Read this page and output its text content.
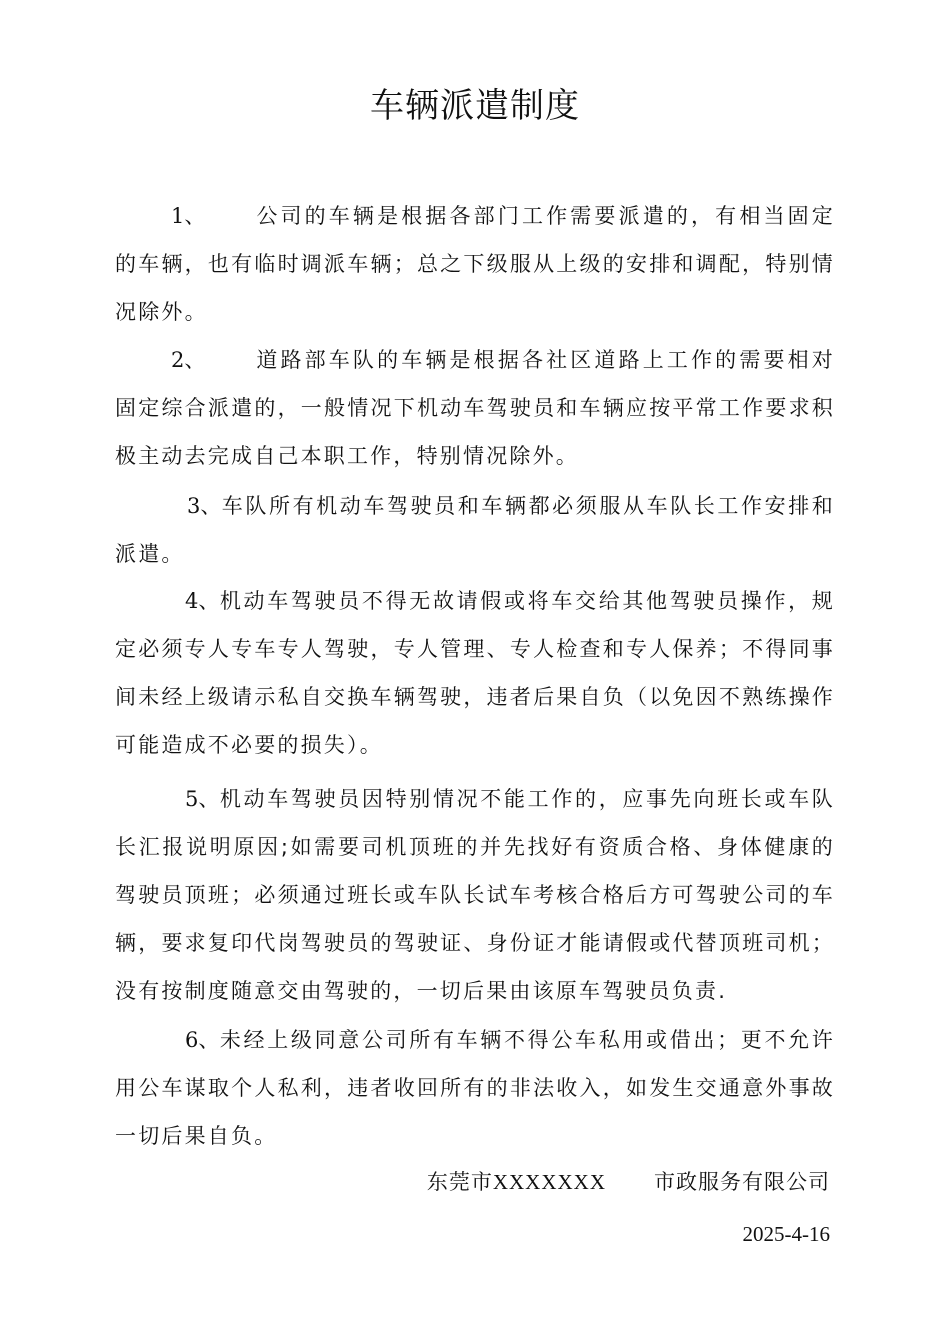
车辆派遣制度

1、 公司的车辆是根据各部门工作需要派遣的，有相当固定的车辆，也有临时调派车辆；总之下级服从上级的安排和调配，特别情况除外。

2、 道路部车队的车辆是根据各社区道路上工作的需要相对固定综合派遣的，一般情况下机动车驾驶员和车辆应按平常工作要求积极主动去完成自己本职工作，特别情况除外。

3、车队所有机动车驾驶员和车辆都必须服从车队长工作安排和派遣。

4、机动车驾驶员不得无故请假或将车交给其他驾驶员操作，规定必须专人专车专人驾驶，专人管理、专人检查和专人保养；不得同事间未经上级请示私自交换车辆驾驶，违者后果自负（以免因不熟练操作可能造成不必要的损失）。

5、机动车驾驶员因特别情况不能工作的，应事先向班长或车队长汇报说明原因;如需要司机顶班的并先找好有资质合格、身体健康的驾驶员顶班；必须通过班长或车队长试车考核合格后方可驾驶公司的车辆，要求复印代岗驾驶员的驾驶证、身份证才能请假或代替顶班司机；没有按制度随意交由驾驶的，一切后果由该原车驾驶员负责.

6、未经上级同意公司所有车辆不得公车私用或借出；更不允许用公车谋取个人私利，违者收回所有的非法收入，如发生交通意外事故一切后果自负。

东莞市XXXXXXX 市政服务有限公司

2025-4-16
